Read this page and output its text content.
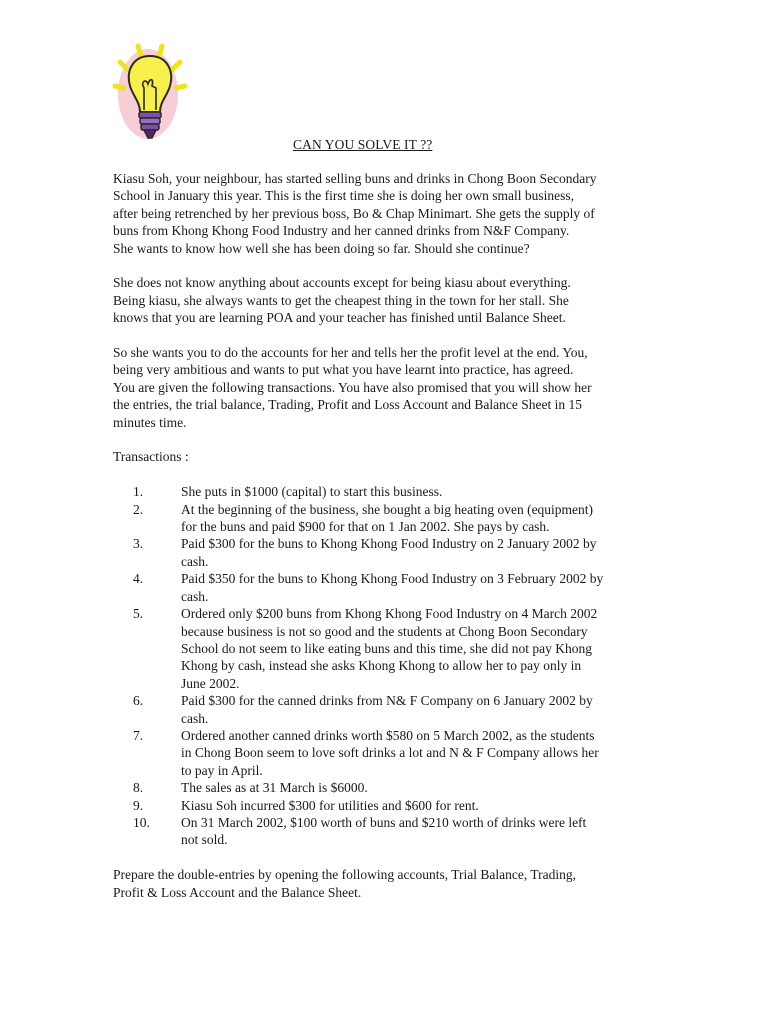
CAN YOU SOLVE IT ??

Kiasu Soh, your neighbour, has started selling buns and drinks in Chong Boon Secondary
School in January this year. This is the first time she is doing her own small business,
after being retrenched by her previous boss, Bo & Chap Minimart. She gets the supply of
buns from Khong Khong Food Industry and her canned drinks from N&F Company.
She wants to know how well she has been doing so far. Should she continue?

She does not know anything about accounts except for being kiasu about everything.
Being kiasu, she always wants to get the cheapest thing in the town for her stall. She
knows that you are learning POA and your teacher has finished until Balance Sheet.

So she wants you to do the accounts for her and tells her the profit level at the end. You,
being very ambitious and wants to put what you have learnt into practice, has agreed.
You are given the following transactions. You have also promised that you will show her
the entries, the trial balance, Trading, Profit and Loss Account and Balance Sheet in 15
minutes time.

Transactions :
1.	She puts in $1000 (capital) to start this business.
2.	At the beginning of the business, she bought a big heating oven (equipment)
for the buns and paid $900 for that on 1 Jan 2002. She pays by cash.
3.	Paid $300 for the buns to Khong Khong Food Industry on 2 January 2002 by
cash.
4.	Paid $350 for the buns to Khong Khong Food Industry on 3 February 2002 by
cash.
5.	Ordered only $200 buns from Khong Khong Food Industry on 4 March 2002
because business is not so good and the students at Chong Boon Secondary
School do not seem to like eating buns and this time, she did not pay Khong
Khong by cash, instead she asks Khong Khong to allow her to pay only in
June 2002.
6.	Paid $300 for the canned drinks from N& F Company on 6 January 2002 by
cash.
7.	Ordered another canned drinks worth $580 on 5 March 2002, as the students
in Chong Boon seem to love soft drinks a lot and N & F Company allows her
to pay in April.
8.	The sales as at 31 March is $6000.
9.	Kiasu Soh incurred $300 for utilities and $600 for rent.
10.	On 31 March 2002, $100 worth of buns and $210 worth of drinks were left
not sold.

Prepare the double-entries by opening the following accounts, Trial Balance, Trading,
Profit & Loss Account and the Balance Sheet.
